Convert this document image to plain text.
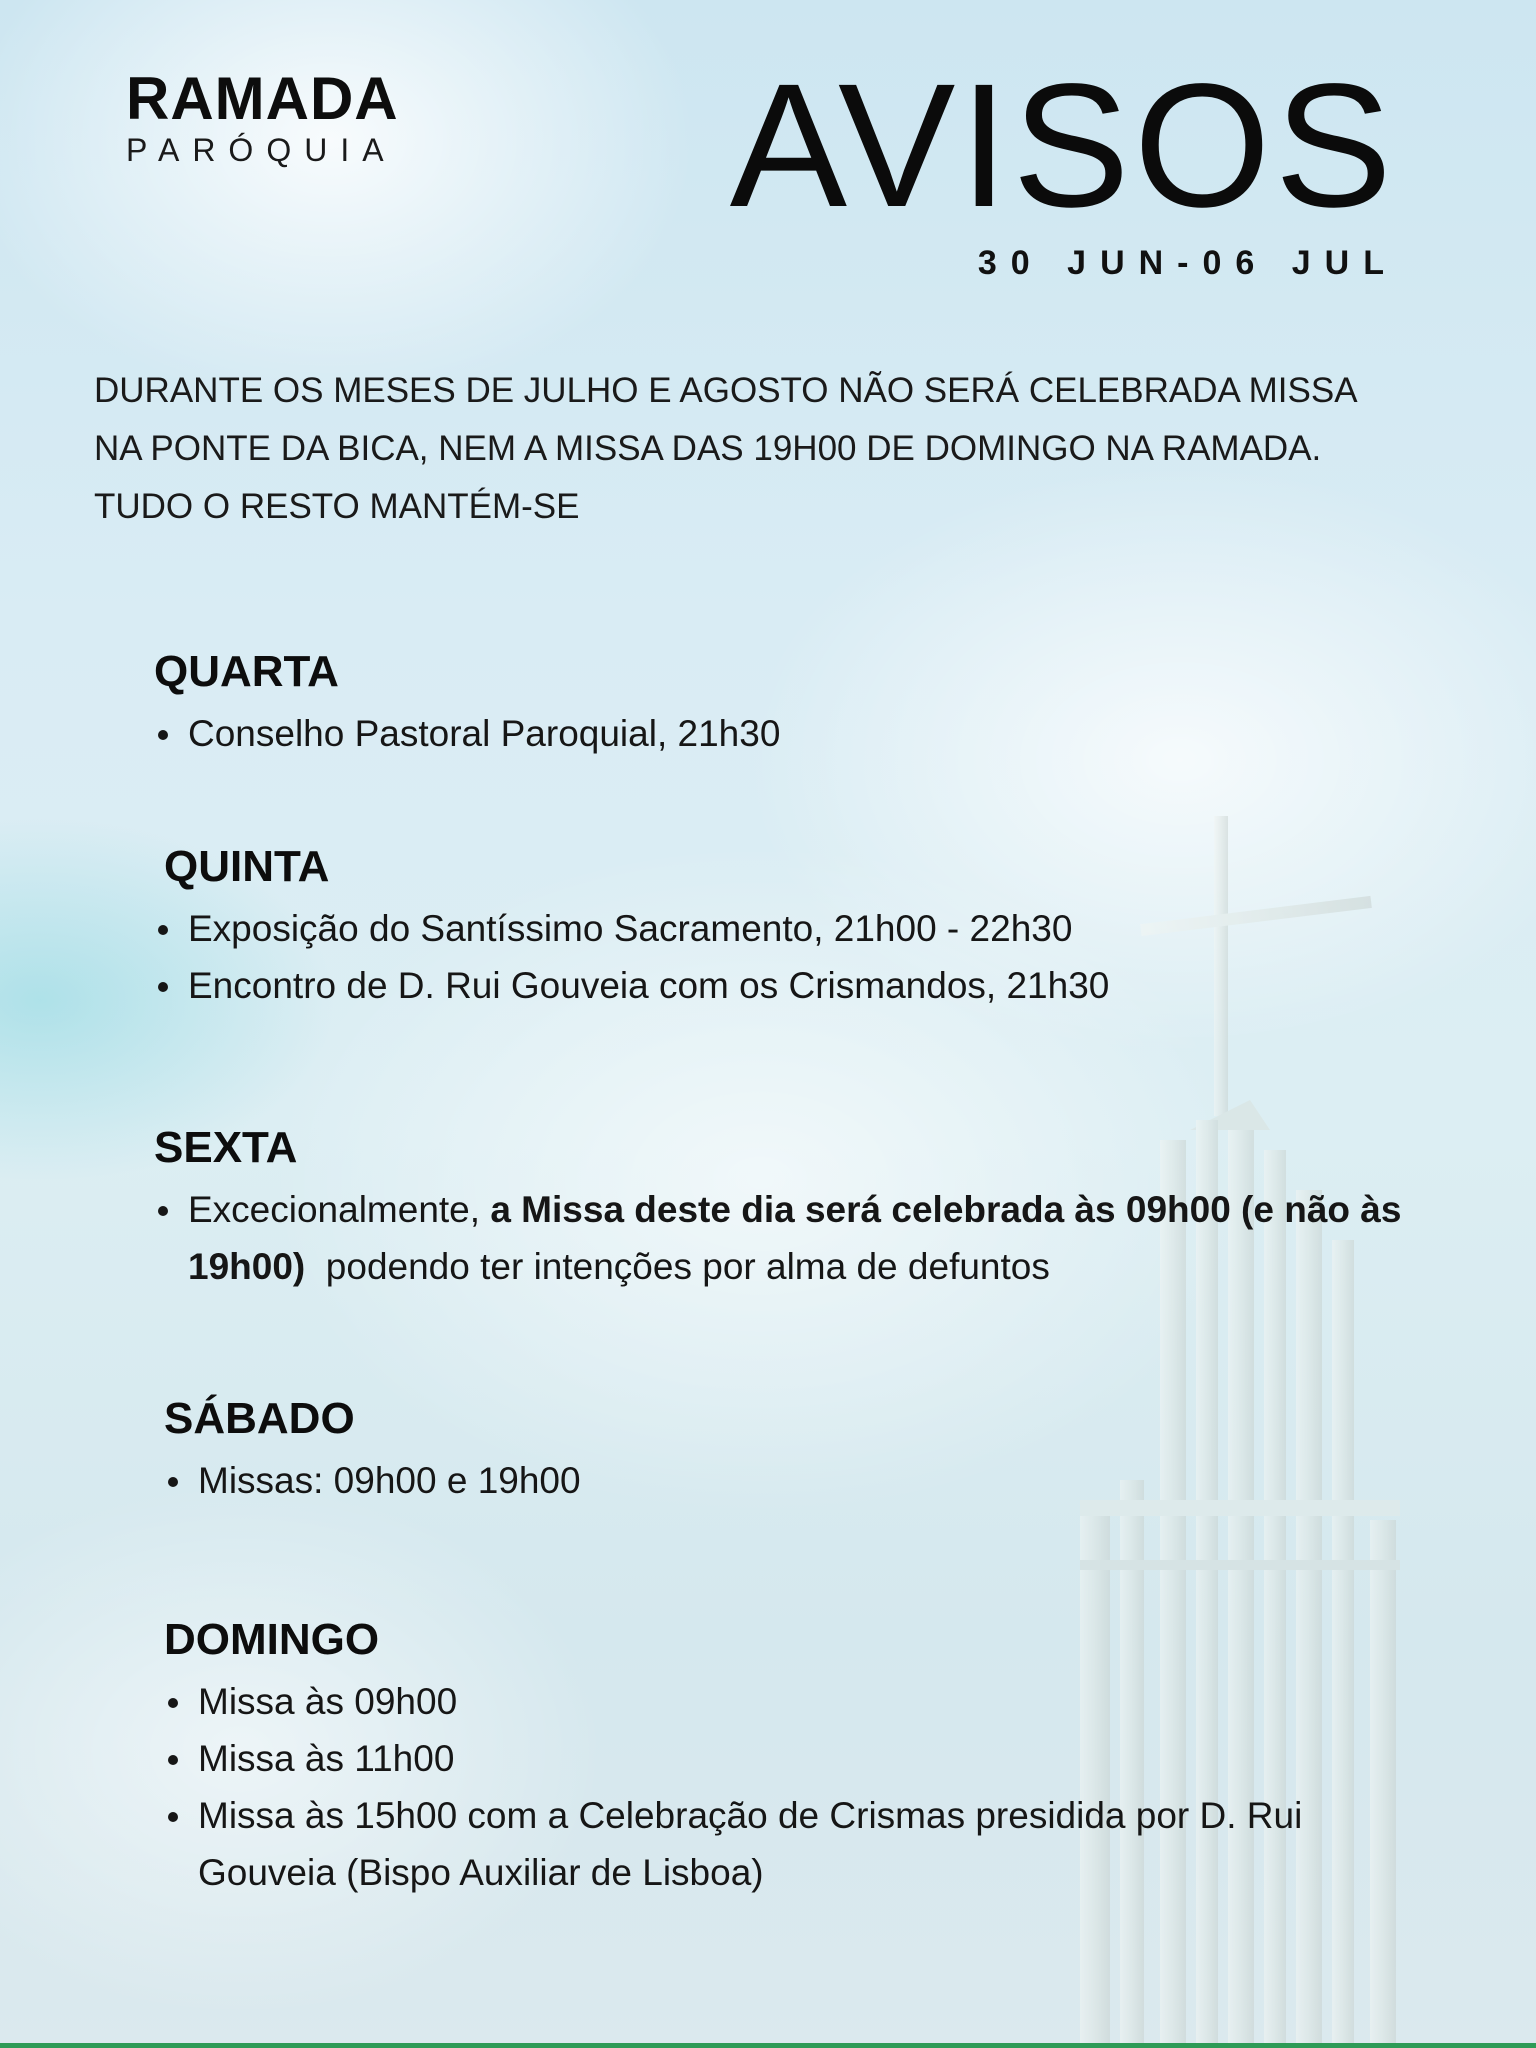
RAMADA
PARÓQUIA AVISOS
30 JUN-06 JUL

DURANTE OS MESES DE JULHO E AGOSTO NÃO SERÁ CELEBRADA MISSA

NA PONTE DA BICA, NEM A MISSA DAS 19H00 DE DOMINGO NA RAMADA.

TUDO O RESTO MANTÉM-SE

QUARTA
Conselho Pastoral Paroquial, 21h30
QUINTA
Exposição do Santíssimo Sacramento, 21h00 - 22h30
Encontro de D. Rui Gouveia com os Crismandos, 21h30
SEXTA
Excecionalmente, a Missa deste dia será celebrada às 09h00 (e não às 19h00)  podendo ter intenções por alma de defuntos
SÁBADO
Missas: 09h00 e 19h00
DOMINGO
Missa às 09h00
Missa às 11h00
Missa às 15h00 com a Celebração de Crismas presidida por D. Rui Gouveia (Bispo Auxiliar de Lisboa)
